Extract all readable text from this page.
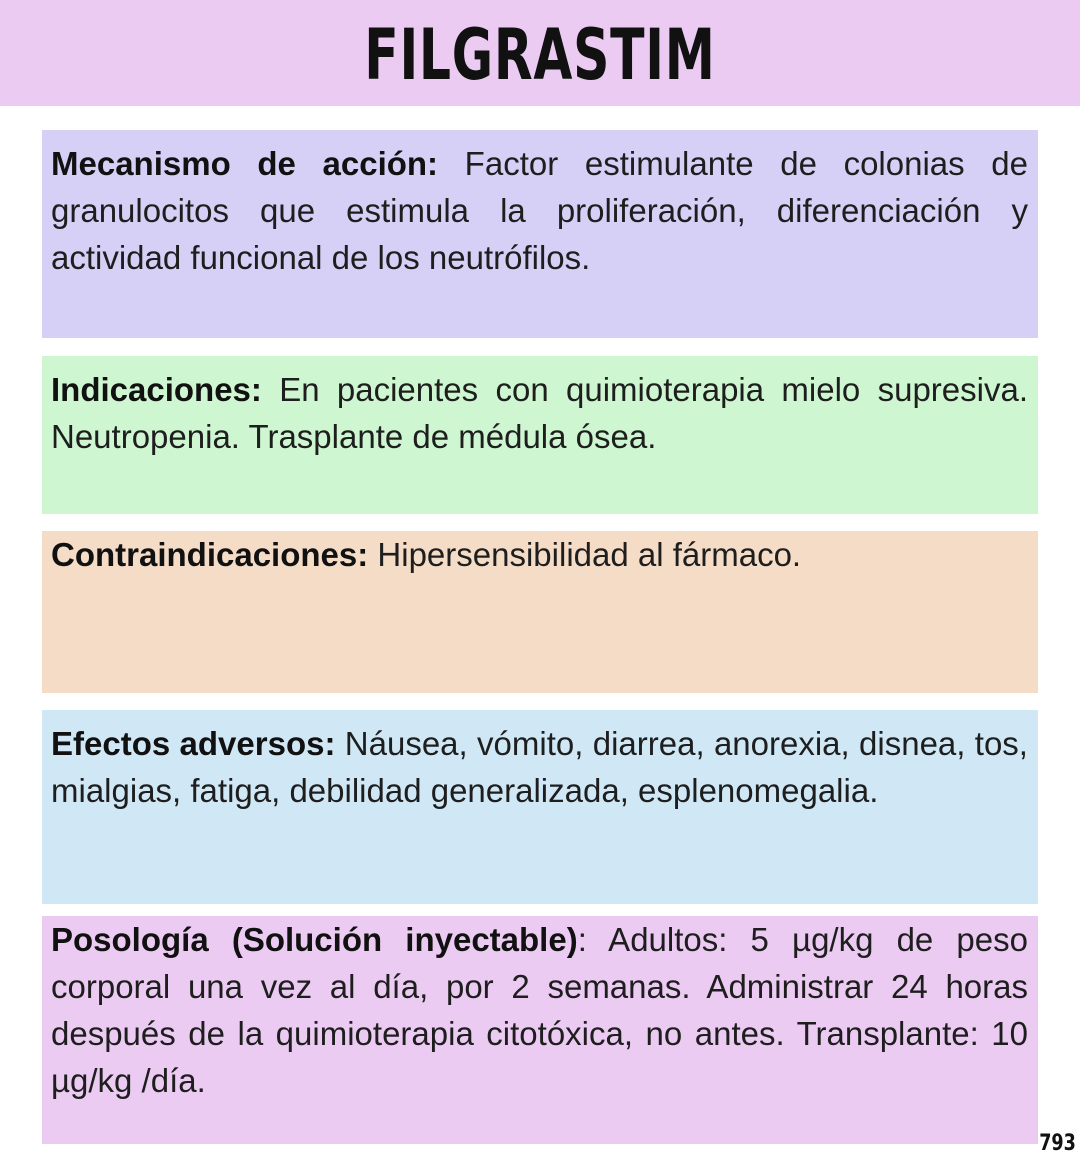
FILGRASTIM

Mecanismo de acción: Factor estimulante de colonias de granulocitos que estimula la proliferación, diferenciación y actividad funcional de los neutrófilos.

Indicaciones: En pacientes con quimioterapia mielo supresiva. Neutropenia. Trasplante de médula ósea.

Contraindicaciones: Hipersensibilidad al fármaco.

Efectos adversos: Náusea, vómito, diarrea, anorexia, disnea, tos, mialgias, fatiga, debilidad generalizada, esplenomegalia.

Posología (Solución inyectable): Adultos: 5 µg/kg de peso corporal una vez al día, por 2 semanas. Administrar 24 horas después de la quimioterapia citotóxica, no antes. Transplante: 10 µg/kg /día.

793
